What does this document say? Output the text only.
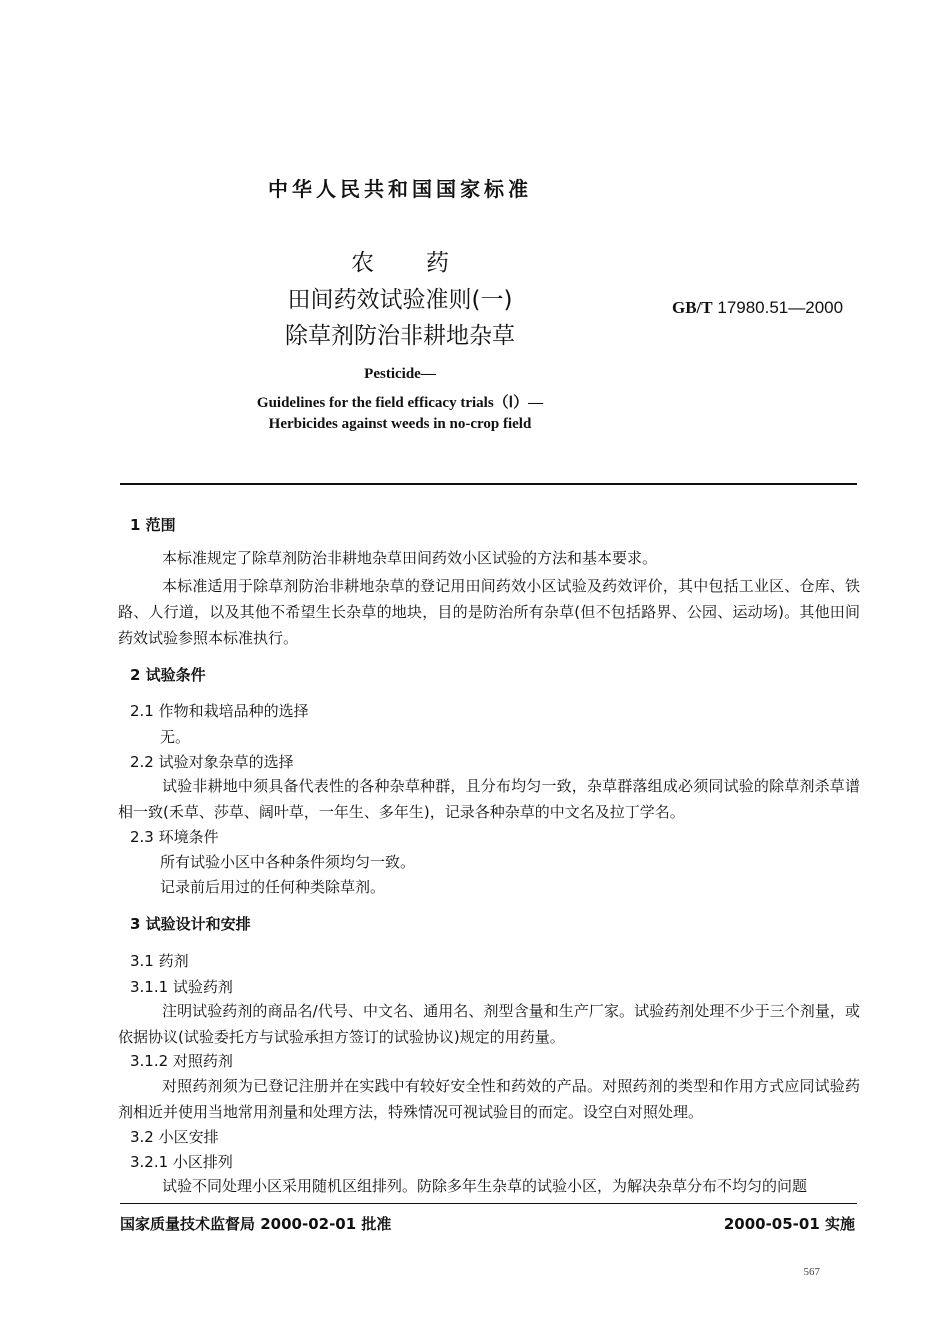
中华人民共和国国家标准
农 药
田间药效试验准则(一)
除草剂防治非耕地杂草
GB/T 17980.51—2000
Pesticide—
Guidelines for the field efficacy trials（Ⅰ）—
Herbicides against weeds in no-crop field
1 范围
本标准规定了除草剂防治非耕地杂草田间药效小区试验的方法和基本要求。
本标准适用于除草剂防治非耕地杂草的登记用田间药效小区试验及药效评价，其中包括工业区、仓库、铁路、人行道，以及其他不希望生长杂草的地块，目的是防治所有杂草(但不包括路界、公园、运动场)。其他田间药效试验参照本标准执行。
2 试验条件
2.1 作物和栽培品种的选择
无。
2.2 试验对象杂草的选择
试验非耕地中须具备代表性的各种杂草种群，且分布均匀一致，杂草群落组成必须同试验的除草剂杀草谱相一致(禾草、莎草、阔叶草，一年生、多年生)，记录各种杂草的中文名及拉丁学名。
2.3 环境条件
所有试验小区中各种条件须均匀一致。
记录前后用过的任何种类除草剂。
3 试验设计和安排
3.1 药剂
3.1.1 试验药剂
注明试验药剂的商品名/代号、中文名、通用名、剂型含量和生产厂家。试验药剂处理不少于三个剂量，或依据协议(试验委托方与试验承担方签订的试验协议)规定的用药量。
3.1.2 对照药剂
对照药剂须为已登记注册并在实践中有较好安全性和药效的产品。对照药剂的类型和作用方式应同试验药剂相近并使用当地常用剂量和处理方法，特殊情况可视试验目的而定。设空白对照处理。
3.2 小区安排
3.2.1 小区排列
试验不同处理小区采用随机区组排列。防除多年生杂草的试验小区，为解决杂草分布不均匀的问题
国家质量技术监督局 2000-02-01 批准	2000-05-01 实施
567
